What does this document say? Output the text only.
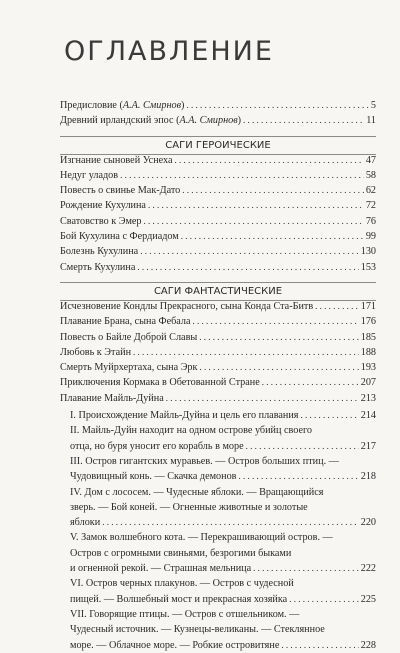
ОГЛАВЛЕНИЕ
Предисловие (А.А. Смирнов) . . .	5
Древний ирландский эпос (А.А. Смирнов) . . .	11
САГИ ГЕРОИЧЕСКИЕ
Изгнание сыновей Уснеха . . .	47
Недуг уладов . . .	58
Повесть о свинье Мак-Дато . . .	62
Рождение Кухулина . . .	72
Сватовство к Эмер . . .	76
Бой Кухулина с Фердиадом . . .	99
Болезнь Кухулина . . .	130
Смерть Кухулина . . .	153
САГИ ФАНТАСТИЧЕСКИЕ
Исчезновение Кондлы Прекрасного, сына Конда Ста-Битв . . .	171
Плавание Брана, сына Фебала . . .	176
Повесть о Байле Доброй Славы . . .	185
Любовь к Этайн . . .	188
Смерть Муйрхертаха, сына Эрк . . .	193
Приключения Кормака в Обетованной Стране . . .	207
Плавание Майль-Дуйна . . .	213
I. Происхождение Майль-Дуйна и цель его плавания . . .	214
II. Майль-Дуйн находит на одном острове убийц своего
отца, но буря уносит его корабль в море . . .	217
III. Остров гигантских муравьев. — Остров больших птиц. —
Чудовищный конь. — Скачка демонов . . .	218
IV. Дом с лососем. — Чудесные яблоки. — Вращающийся
зверь. — Бой коней. — Огненные животные и золотые
яблоки . . .	220
V. Замок волшебного кота. — Перекрашивающий остров. —
Остров с огромными свиньями, безрогими быками
и огненной рекой. — Страшная мельница . . .	222
VI. Остров черных плакунов. — Остров с чудесной
пищей. — Волшебный мост и прекрасная хозяйка . . .	225
VII. Говорящие птицы. — Остров с отшельником. —
Чудесный источник. — Кузнецы-великаны. — Стеклянное
море. — Облачное море. — Робкие островитяне . . .	228
